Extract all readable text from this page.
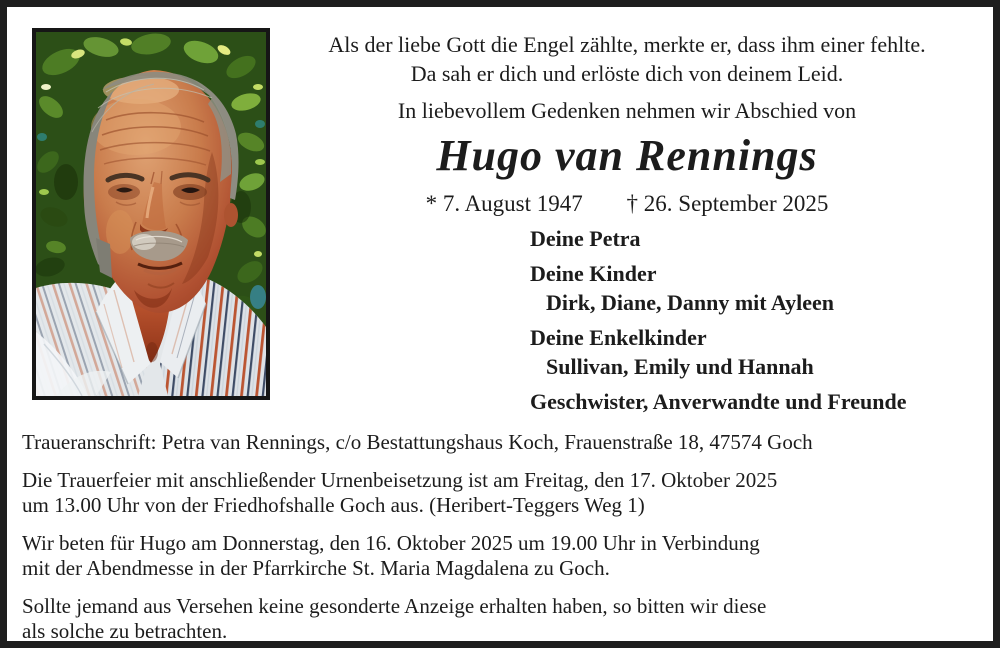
Als der liebe Gott die Engel zählte, merkte er, dass ihm einer fehlte.
Da sah er dich und erlöste dich von deinem Leid.
In liebevollem Gedenken nehmen wir Abschied von
Hugo van Rennings
* 7. August 1947 † 26. September 2025
Deine Petra
Deine Kinder
Dirk, Diane, Danny mit Ayleen
Deine Enkelkinder
Sullivan, Emily und Hannah
Geschwister, Anverwandte und Freunde
Traueranschrift: Petra van Rennings, c/o Bestattungshaus Koch, Frauenstraße 18, 47574 Goch
Die Trauerfeier mit anschließender Urnenbeisetzung ist am Freitag, den 17. Oktober 2025
um 13.00 Uhr von der Friedhofshalle Goch aus. (Heribert-Teggers Weg 1)
Wir beten für Hugo am Donnerstag, den 16. Oktober 2025 um 19.00 Uhr in Verbindung
mit der Abendmesse in der Pfarrkirche St. Maria Magdalena zu Goch.
Sollte jemand aus Versehen keine gesonderte Anzeige erhalten haben, so bitten wir diese
als solche zu betrachten.
